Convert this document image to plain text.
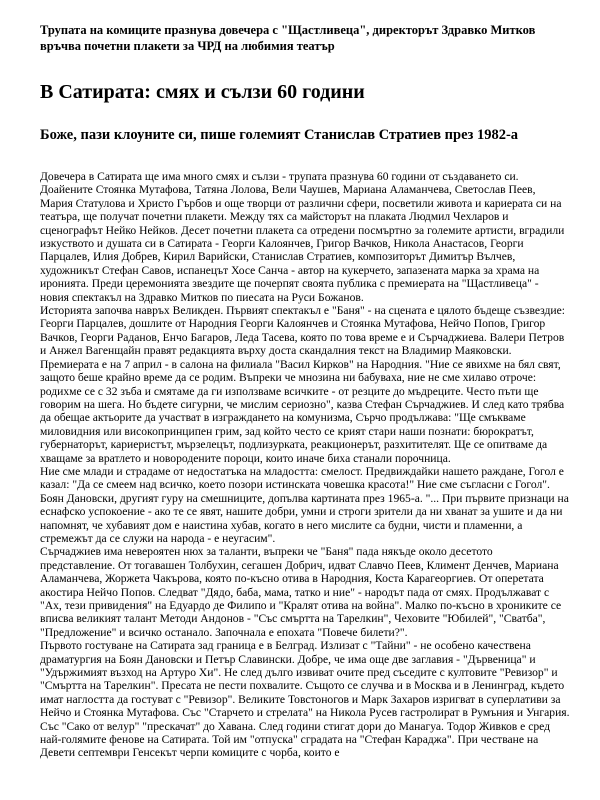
Трупата на комиците празнува довечера с "Щастливеца", директорът Здравко Митков връчва почетни плакети за ЧРД на любимия театър
В Сатирата: смях и сълзи 60 години
Боже, пази клоуните си, пише големият Станислав Стратиев през 1982-а

Довечера в Сатирата ще има много смях и сълзи - трупата празнува 60 години от създаването си. Доайените Стоянка Мутафова, Татяна Лолова, Вели Чаушев, Мариана Аламанчева, Светослав Пеев, Мария Статулова и Христо Гърбов и още творци от различни сфери, посветили живота и кариерата си на театъра, ще получат почетни плакети. Между тях са майсторът на плакатa Людмил Чехларов и сценографът Нейко Нейков. Десет почетни плакета са отредени посмъртно за големите артисти, вградили изкуството и душата си в Сатирата - Георги Калоянчев, Григор Вачков, Никола Анастасов, Георги Парцалев, Илия Добрев, Кирил Варийски, Станислав Стратиев, композиторът Димитър Вълчев, художникът Стефан Савов, испанецът Хосе Санча - автор на кукерчето, запазената марка за храма на иронията. Преди церемонията звездите ще почерпят своята публика с премиерата на "Щастливеца" - новия спектакъл на Здравко Митков по пиесата на Руси Божанов.

Историята започва навръх Великден. Първият спектакъл е "Баня" - на сцената е цялото бъдеще съзвездие: Георги Парцалев, дошлите от Народния Георги Калоянчев и Стоянка Мутафова, Нейчо Попов, Григор Вачков, Георги Раданов, Енчо Багаров, Леда Тасева, която по това време е и Сърчаджиева. Валери Петров и Анжел Вагенщайн правят редакцията върху доста скандалния текст на Владимир Маяковски. Премиерата е на 7 април - в салона на филиала "Васил Кирков" на Народния. "Ние се явихме на бял свят, защото беше крайно време да се родим. Въпреки че мнозина ни бабуваха, ние не сме хилаво отроче: родихме се с 32 зъба и смятаме да ги използваме всичките - от резците до мъдреците. Често пъти ще говорим на шега. Но бъдете сигурни, че мислим сериозно", казва Стефан Сърчаджиев. И след като трябва да обещае актьорите да участват в изграждането на комунизма, Сърчо продължава: "Ще смъкваме миловидния или високопринципен грим, зад който често се крият стари наши познати: бюрократът, губернаторът, кариеристът, мързелецът, подлизурката, реакционерът, разхитителят. Ще се опитваме да хващаме за вратлето и новородените пороци, които иначе биха станали порочница.

Ние сме млади и страдаме от недостатъка на младостта: смелост. Предвиждайки нашето раждане, Гогол е казал: "Да се смеем над всичко, което позори истинската човешка красота!" Ние сме съгласни с Гогол". Боян Дановски, другият гуру на смешниците, допълва картината през 1965-а. "... При първите признаци на еснафско успокоение - ако те се явят, нашите добри, умни и строги зрители да ни хванат за ушите и да ни напомнят, че хубавият дом е наистина хубав, когато в него мислите са будни, чисти и пламенни, а стремежът да се служи на народа - е неугасим".

Сърчаджиев има невероятен нюх за таланти, въпреки че "Баня" пада някъде около десетото представление. От тогавашен Толбухин, сегашен Добрич, идват Славчо Пеев, Климент Денчев, Мариана Аламанчева, Жоржета Чакърова, която по-късно отива в Народния, Коста Карагеоргиев. От оперетата акостира Нейчо Попов. Следват "Дядо, баба, мама, татко и ние" - народът пада от смях. Продължават с "Ах, тези привидения" на Едуардо де Филипо и "Кралят отива на война". Малко по-късно в хрониките се вписва великият талант Методи Андонов - "Със смъртта на Тарелкин", Чеховите "Юбилей", "Сватба", "Предложение" и всичко останало. Започнала е епохата "Повече билети?".

Първото гостуване на Сатирата зад граница е в Белград. Излизат с "Тайни" - не особено качествена драматургия на Боян Дановски и Петър Славински. Добре, че има още две заглавия - "Дървеница" и "Удържимият възход на Артуро Хи". Не след дълго извиват очите пред съседите с култовите "Ревизор" и "Смъртта на Тарелкин". Пресата не пести похвалите. Същото се случва и в Москва и в Ленинград, където имат наглостта да гостуват с "Ревизор". Великите Товстоногов и Марк Захаров изригват в суперлативи за Нейчо и Стоянка Мутафова. Със "Старчето и стрелата" на Никола Русев гастролират в Румъния и Унгария. Със "Сако от велур" "прескачат" до Хавана. След години стигат дори до Манагуа. Тодор Живков е сред най-голямите фенове на Сатирата. Той им "отпуска" сградата на "Стефан Караджа". При честване на Девети септември Генсекът черпи комиците с чорба, които е
